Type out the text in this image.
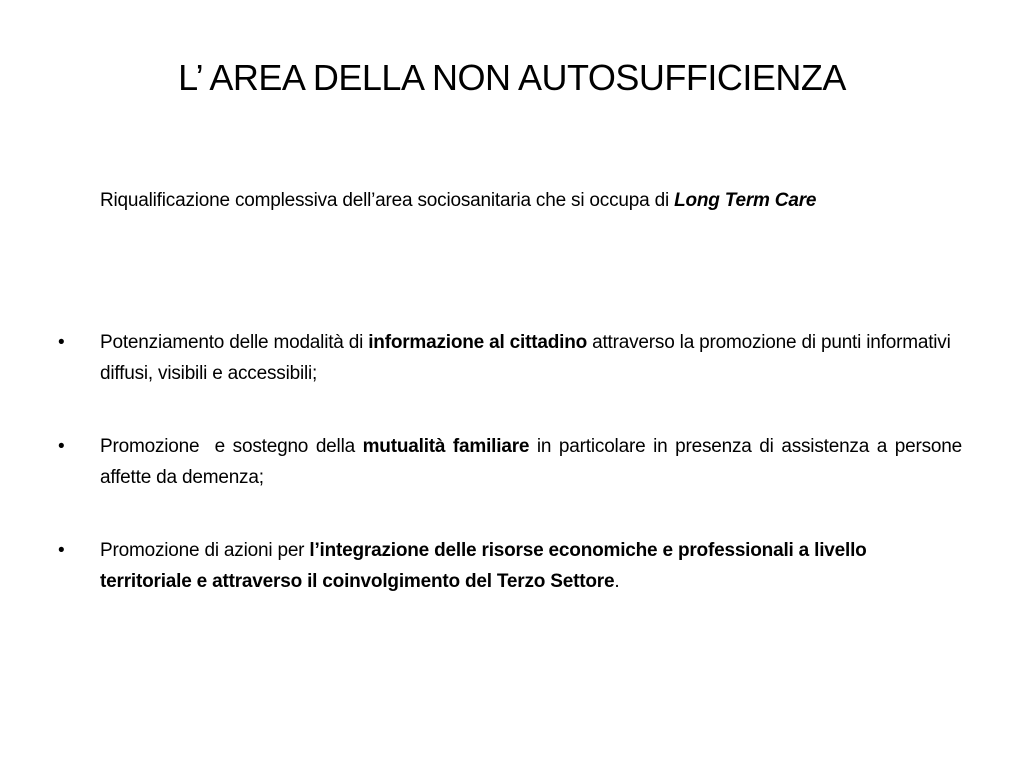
L’ AREA DELLA NON AUTOSUFFICIENZA
Riqualificazione complessiva dell’area sociosanitaria che si occupa di Long Term Care
• Potenziamento delle modalità di informazione al cittadino attraverso la promozione di punti informativi diffusi, visibili e accessibili;
• Promozione  e sostegno della mutualità familiare in particolare in presenza di assistenza a persone affette da demenza;
• Promozione di azioni per l’integrazione delle risorse economiche e professionali a livello territoriale e attraverso il coinvolgimento del Terzo Settore.
